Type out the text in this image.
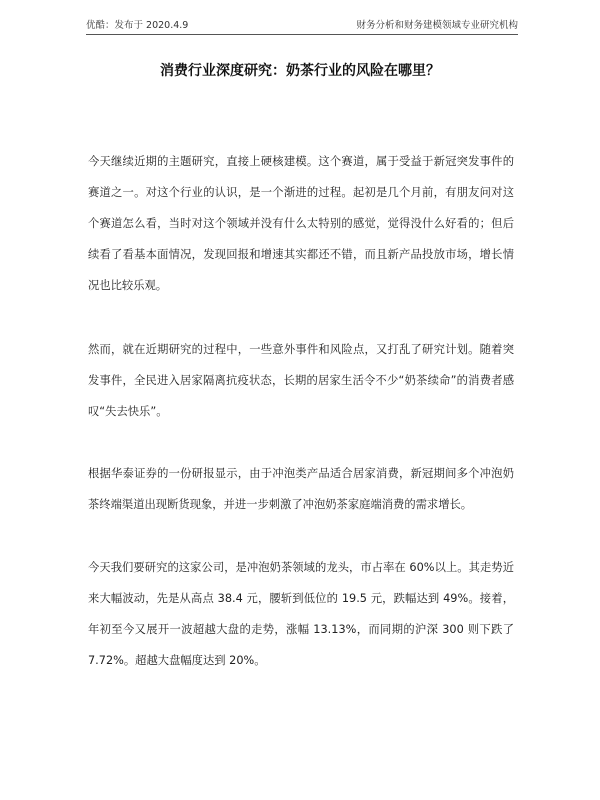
优酷：发布于 2020.4.9	财务分析和财务建模领域专业研究机构
消费行业深度研究：奶茶行业的风险在哪里？

今天继续近期的主题研究，直接上硬核建模。这个赛道，属于受益于新冠突发事件的赛道之一。对这个行业的认识，是一个渐进的过程。起初是几个月前，有朋友问对这个赛道怎么看，当时对这个领域并没有什么太特别的感觉，觉得没什么好看的；但后续看了看基本面情况，发现回报和增速其实都还不错，而且新产品投放市场，增长情况也比较乐观。

然而，就在近期研究的过程中，一些意外事件和风险点，又打乱了研究计划。随着突发事件，全民进入居家隔离抗疫状态，长期的居家生活令不少“奶茶续命”的消费者感叹“失去快乐”。

根据华泰证券的一份研报显示，由于冲泡类产品适合居家消费，新冠期间多个冲泡奶茶终端渠道出现断货现象，并进一步刺激了冲泡奶茶家庭端消费的需求增长。

今天我们要研究的这家公司，是冲泡奶茶领域的龙头，市占率在 60%以上。其走势近来大幅波动，先是从高点 38.4 元，腰斩到低位的 19.5 元，跌幅达到 49%。接着，年初至今又展开一波超越大盘的走势，涨幅 13.13%，而同期的沪深 300 则下跌了 7.72%。超越大盘幅度达到 20%。
